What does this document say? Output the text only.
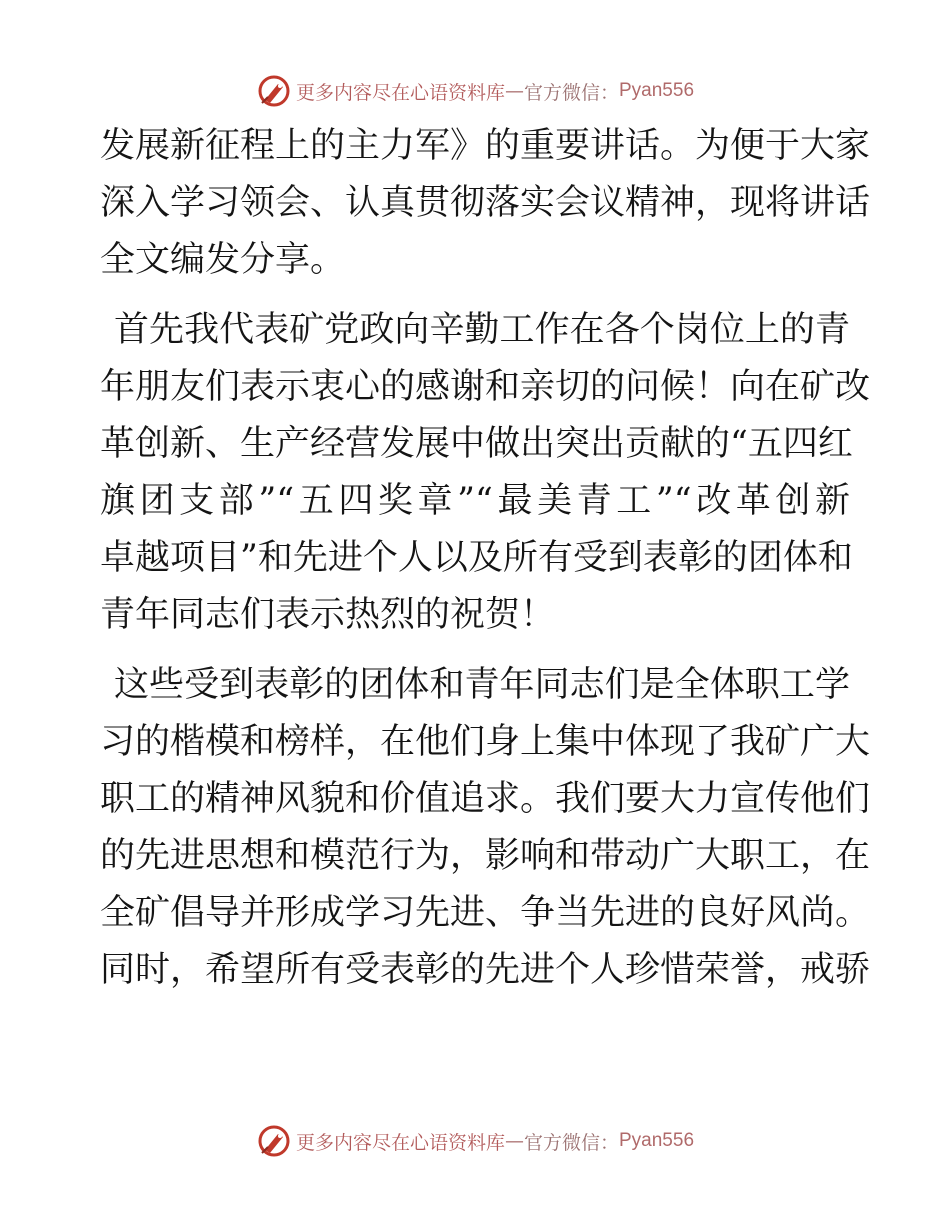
更多内容尽在心语资料库 — 官方微信： Pyan556
发展新征程上的主力军》的重要讲话。为便于大家
深入学习领会、认真贯彻落实会议精神，现将讲话
全文编发分享。
首先我代表矿党政向辛勤工作在各个岗位上的青
年朋友们表示衷心的感谢和亲切的问候！向在矿改
革创新、生产经营发展中做出突出贡献的“五四红
旗团支部”“五四奖章”“最美青工”“改革创新
卓越项目”和先进个人以及所有受到表彰的团体和
青年同志们表示热烈的祝贺！
这些受到表彰的团体和青年同志们是全体职工学
习的楷模和榜样，在他们身上集中体现了我矿广大
职工的精神风貌和价值追求。我们要大力宣传他们
的先进思想和模范行为，影响和带动广大职工，在
全矿倡导并形成学习先进、争当先进的良好风尚。
同时，希望所有受表彰的先进个人珍惜荣誉，戒骄
更多内容尽在心语资料库 — 官方微信： Pyan556
